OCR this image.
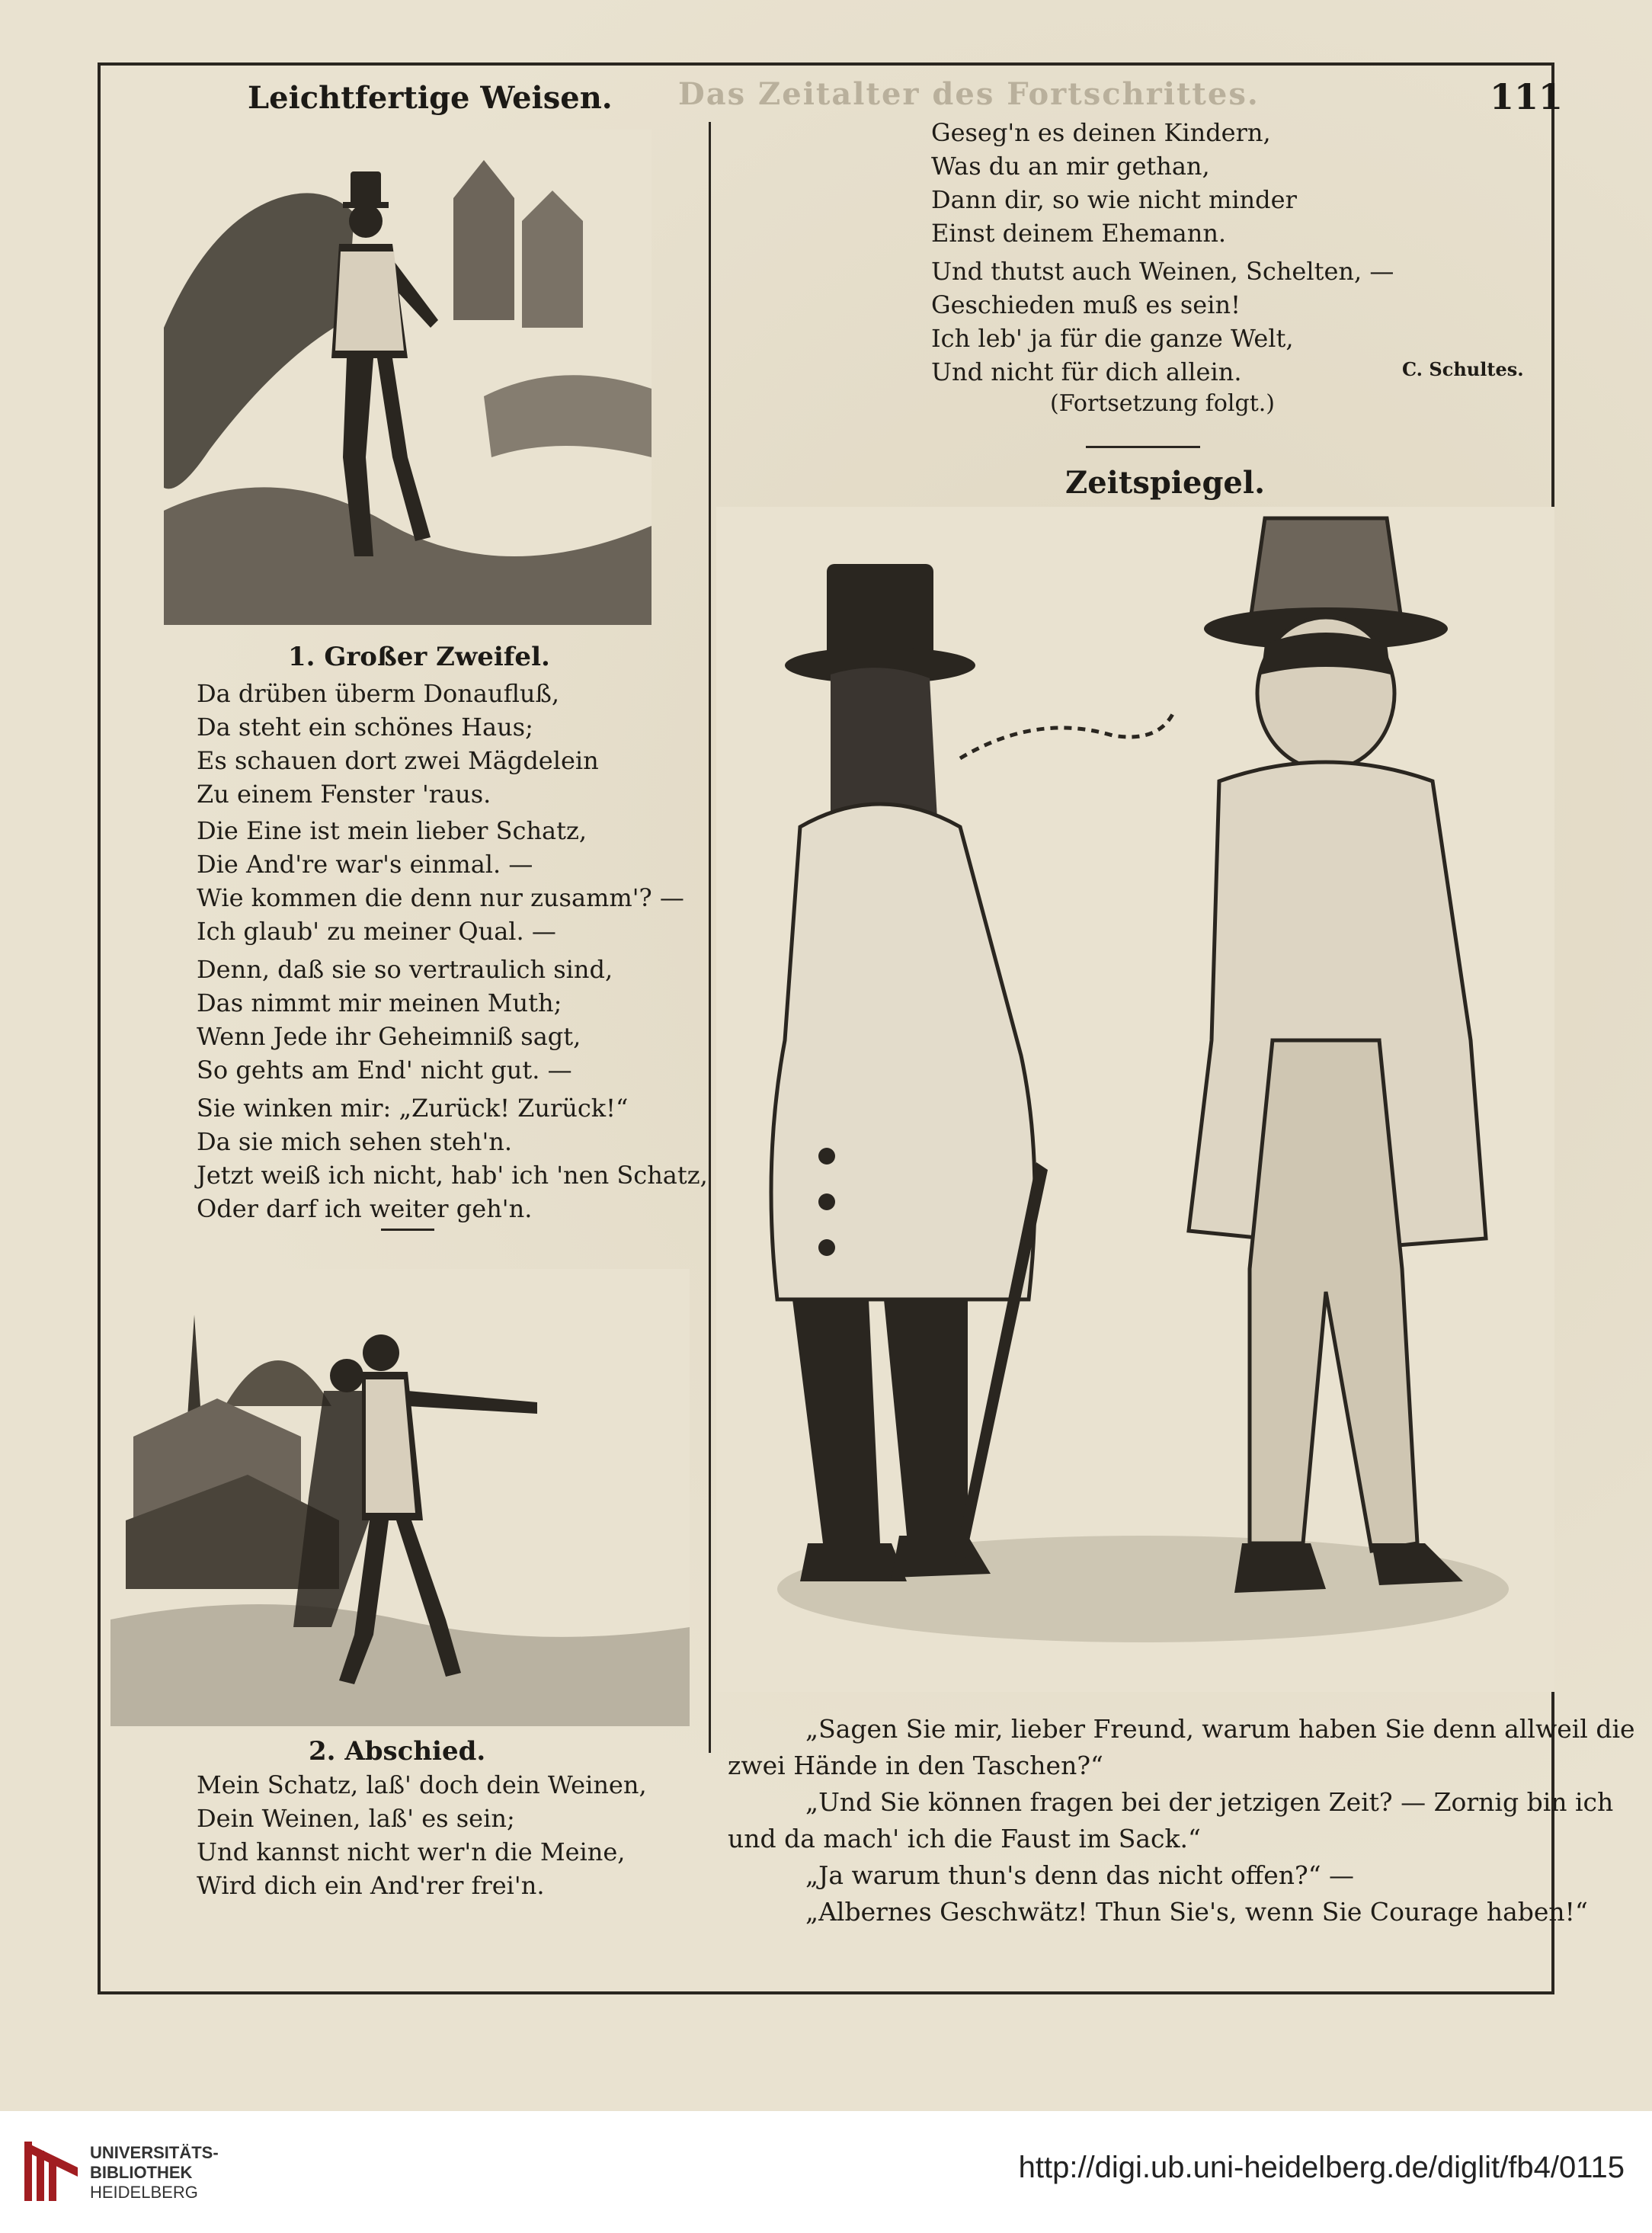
Das Zeitalter des Fortschrittes.	111
Leichtfertige Weisen.
1. Großer Zweifel.
Da drüben überm Donaufluß,
Da steht ein schönes Haus;
Es schauen dort zwei Mägdelein
Zu einem Fenster 'raus.
Die Eine ist mein lieber Schatz,
Die And're war's einmal. —
Wie kommen die denn nur zusamm'? —
Ich glaub' zu meiner Qual. —
Denn, daß sie so vertraulich sind,
Das nimmt mir meinen Muth;
Wenn Jede ihr Geheimniß sagt,
So gehts am End' nicht gut. —
Sie winken mir: „Zurück! Zurück!“
Da sie mich sehen steh'n.
Jetzt weiß ich nicht, hab' ich 'nen Schatz,
Oder darf ich weiter geh'n.
2. Abschied.
Mein Schatz, laß' doch dein Weinen,
Dein Weinen, laß' es sein;
Und kannst nicht wer'n die Meine,
Wird dich ein And'rer frei'n.
Geseg'n es deinen Kindern,
Was du an mir gethan,
Dann dir, so wie nicht minder
Einst deinem Ehemann.
Und thutst auch Weinen, Schelten, —
Geschieden muß es sein!
Ich leb' ja für die ganze Welt,
Und nicht für dich allein.	C. Schultes.
(Fortsetzung folgt.)
Zeitspiegel.
„Sagen Sie mir, lieber Freund, warum haben Sie denn allweil die
zwei Hände in den Taschen?“
„Und Sie können fragen bei der jetzigen Zeit? — Zornig bin ich
und da mach' ich die Faust im Sack.“
„Ja warum thun's denn das nicht offen?“ —
„Albernes Geschwätz! Thun Sie's, wenn Sie Courage haben!“
UNIVERSITÄTS-
BIBLIOTHEK
HEIDELBERG
http://digi.ub.uni-heidelberg.de/diglit/fb4/0115
